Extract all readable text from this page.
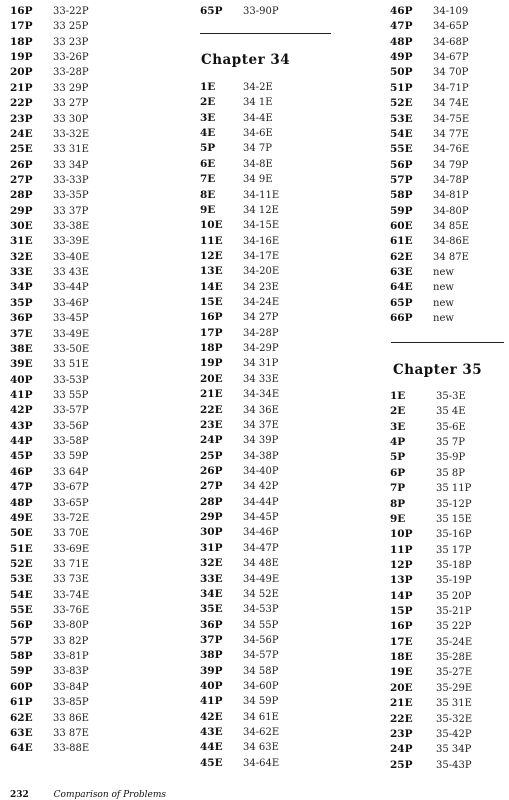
16P 33-22P
17P 33 25P
18P 33 23P
19P 33-26P
20P 33-28P
21P 33 29P
22P 33 27P
23P 33 30P
24E 33-32E
25E 33 31E
26P 33 34P
27P 33-33P
28P 33-35P
29P 33 37P
30E 33-38E
31E 33-39E
32E 33-40E
33E 33 43E
34P 33-44P
35P 33-46P
36P 33-45P
37E 33-49E
38E 33-50E
39E 33 51E
40P 33-53P
41P 33 55P
42P 33-57P
43P 33-56P
44P 33-58P
45P 33 59P
46P 33 64P
47P 33-67P
48P 33-65P
49E 33-72E
50E 33 70E
51E 33-69E
52E 33 71E
53E 33 73E
54E 33-74E
55E 33-76E
56P 33-80P
57P 33 82P
58P 33-81P
59P 33-83P
60P 33-84P
61P 33-85P
62E 33 86E
63E 33 87E
64E 33-88E
65P 33-90P
Chapter 34
1E	34-2E
2E	34 1E
3E	34-4E
4E	34-6E
5P	34 7P
6E	34-8E
7E	34 9E
8E	34-11E
9E	34 12E
10E 34-15E
11E 34-16E
12E 34-17E
13E 34-20E
14E 34 23E
15E 34-24E
16P 34 27P
17P 34-28P
18P 34-29P
19P 34 31P
20E 34 33E
21E 34-34E
22E 34 36E
23E 34 37E
24P 34 39P
25P 34-38P
26P 34-40P
27P 34 42P
28P 34-44P
29P 34-45P
30P 34-46P
31P 34-47P
32E 34 48E
33E 34-49E
34E 34 52E
35E 34-53P
36P 34 55P
37P 34-56P
38P 34-57P
39P 34 58P
40P 34-60P
41P 34 59P
42E 34 61E
43E 34-62E
44E 34 63E
45E 34-64E
46P 34-109
47P 34-65P
48P 34-68P
49P 34-67P
50P 34 70P
51P 34-71P
52E 34 74E
53E 34-75E
54E 34 77E
55E 34-76E
56P 34 79P
57P 34-78P
58P 34-81P
59P 34-80P
60E 34 85E
61E 34-86E
62E 34 87E
63E new
64E new
65P new
66P new
Chapter 35
1E	35-3E
2E	35 4E
3E	35-6E
4P	35 7P
5P	35-9P
6P	35 8P
7P	35 11P
8P	35-12P
9E	35 15E
10P 35-16P
11P 35 17P
12P 35-18P
13P 35-19P
14P 35 20P
15P 35-21P
16P 35 22P
17E 35-24E
18E 35-28E
19E 35-27E
20E 35-29E
21E 35 31E
22E 35-32E
23P 35-42P
24P 35 34P
25P 35-43P
232	Comparison of Problems
